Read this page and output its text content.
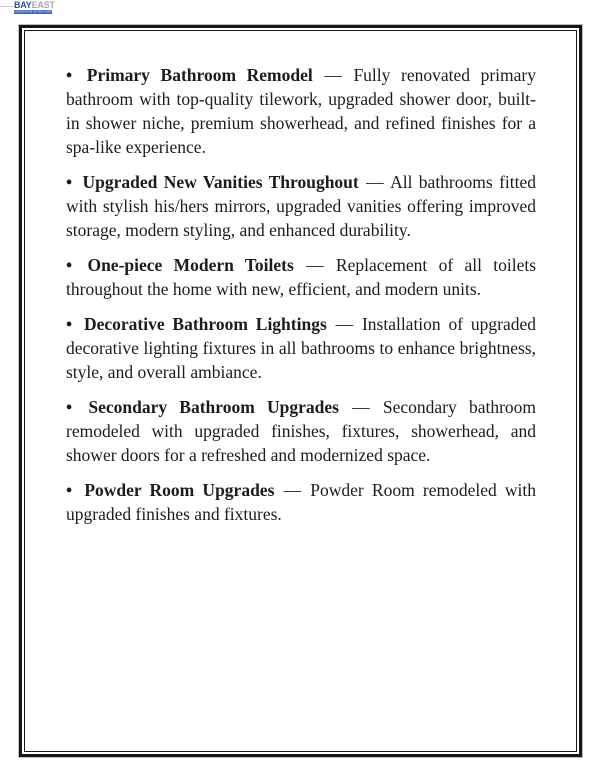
BAYEAST
ASSOCIATION OF REALTORS

• Primary Bathroom Remodel — Fully renovated primary bathroom with top-quality tilework, upgraded shower door, built-in shower niche, premium showerhead, and refined finishes for a spa-like experience.

• Upgraded New Vanities Throughout — All bathrooms fitted with stylish his/hers mirrors, upgraded vanities offering improved storage, modern styling, and enhanced durability.

• One-piece Modern Toilets — Replacement of all toilets throughout the home with new, efficient, and modern units.

• Decorative Bathroom Lightings — Installation of upgraded decorative lighting fixtures in all bathrooms to enhance brightness, style, and overall ambiance.

• Secondary Bathroom Upgrades — Secondary bathroom remodeled with upgraded finishes, fixtures, showerhead, and shower doors for a refreshed and modernized space.

• Powder Room Upgrades — Powder Room remodeled with upgraded finishes and fixtures.
